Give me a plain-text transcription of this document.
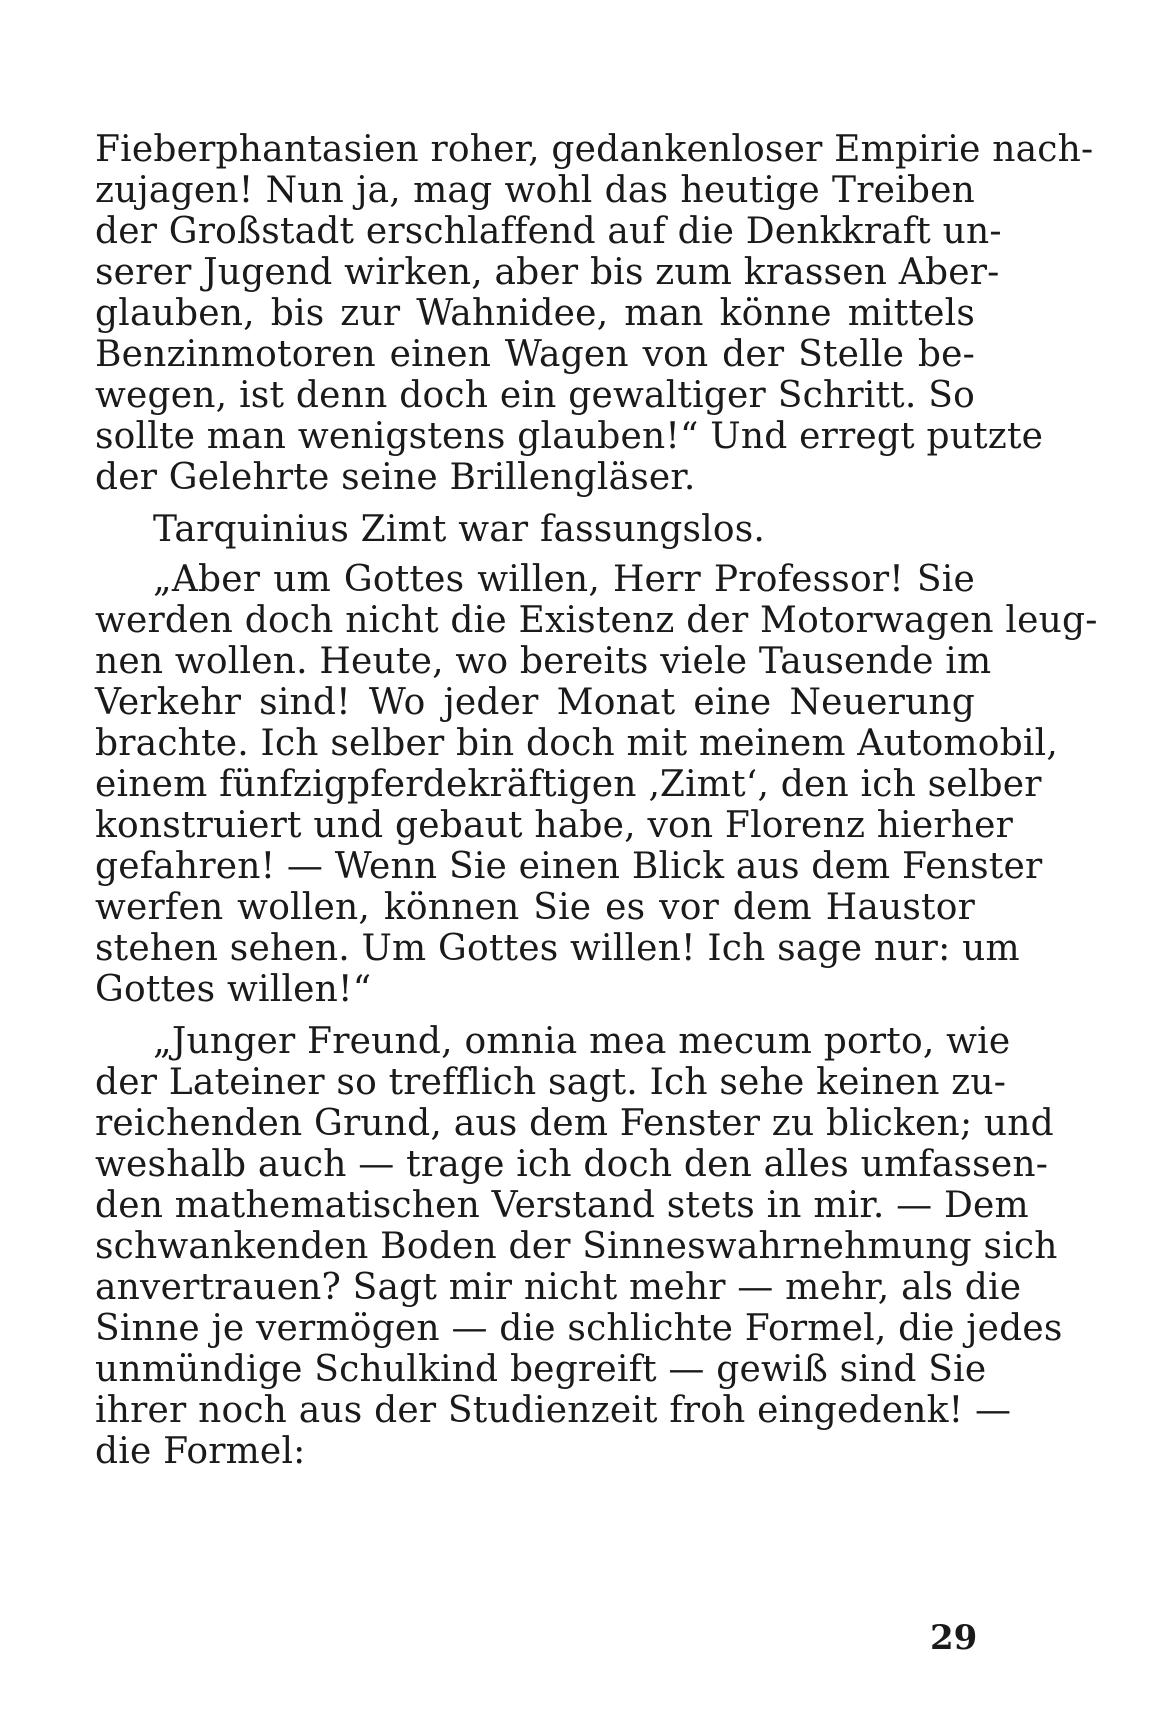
Fieberphantasien roher, gedankenloser Empirie nach-
zujagen! Nun ja, mag wohl das heutige Treiben
der Großstadt erschlaffend auf die Denkkraft un-
serer Jugend wirken, aber bis zum krassen Aber-
glauben, bis zur Wahnidee, man könne mittels
Benzinmotoren einen Wagen von der Stelle be-
wegen, ist denn doch ein gewaltiger Schritt. So
sollte man wenigstens glauben!“ Und erregt putzte
der Gelehrte seine Brillengläser.
Tarquinius Zimt war fassungslos.
„Aber um Gottes willen, Herr Professor! Sie
werden doch nicht die Existenz der Motorwagen leug-
nen wollen. Heute, wo bereits viele Tausende im
Verkehr sind! Wo jeder Monat eine Neuerung
brachte. Ich selber bin doch mit meinem Automobil,
einem fünfzigpferdekräftigen ‚Zimt‘, den ich selber
konstruiert und gebaut habe, von Florenz hierher
gefahren! — Wenn Sie einen Blick aus dem Fenster
werfen wollen, können Sie es vor dem Haustor
stehen sehen. Um Gottes willen! Ich sage nur: um
Gottes willen!“
„Junger Freund, omnia mea mecum porto, wie
der Lateiner so trefflich sagt. Ich sehe keinen zu-
reichenden Grund, aus dem Fenster zu blicken; und
weshalb auch — trage ich doch den alles umfassen-
den mathematischen Verstand stets in mir. — Dem
schwankenden Boden der Sinneswahrnehmung sich
anvertrauen? Sagt mir nicht mehr — mehr, als die
Sinne je vermögen — die schlichte Formel, die jedes
unmündige Schulkind begreift — gewiß sind Sie
ihrer noch aus der Studienzeit froh eingedenk! —
die Formel:
29
